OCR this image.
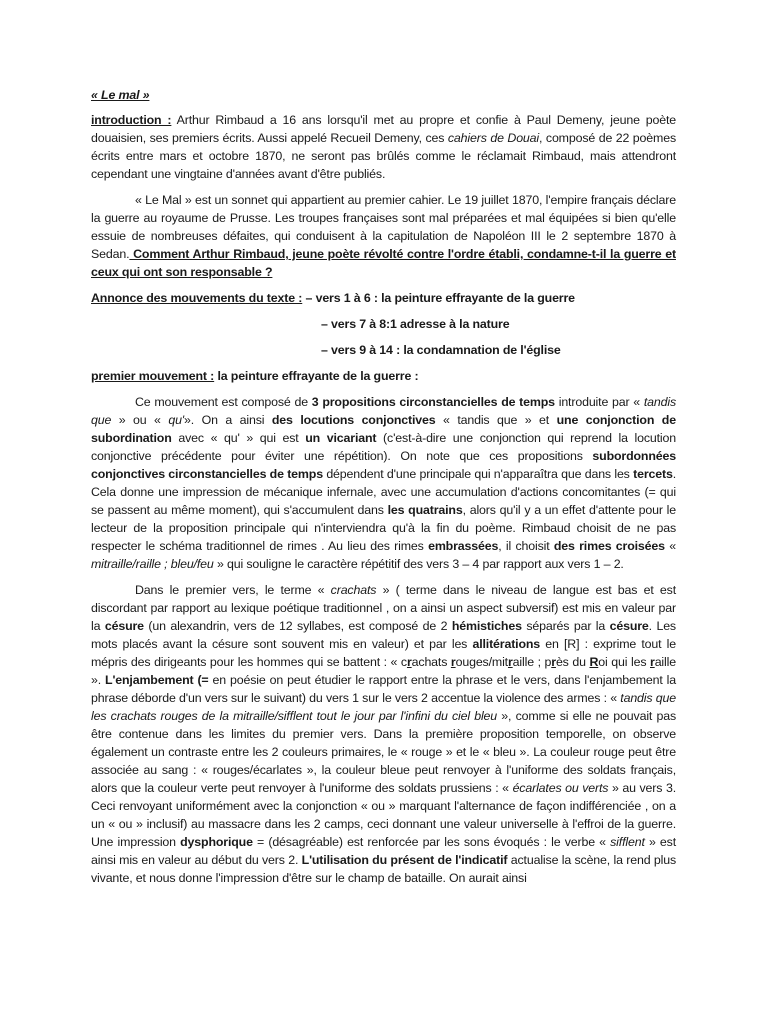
« Le mal »

introduction : Arthur Rimbaud a 16 ans lorsqu'il met au propre et confie à Paul Demeny, jeune poète douaisien, ses premiers écrits. Aussi appelé Recueil Demeny, ces cahiers de Douai, composé de 22 poèmes écrits entre mars et octobre 1870, ne seront pas brûlés comme le réclamait Rimbaud, mais attendront cependant une vingtaine d'années avant d'être publiés.

« Le Mal » est un sonnet qui appartient au premier cahier. Le 19 juillet 1870, l'empire français déclare la guerre au royaume de Prusse. Les troupes françaises sont mal préparées et mal équipées si bien qu'elle essuie de nombreuses défaites, qui conduisent à la capitulation de Napoléon III le 2 septembre 1870 à Sedan. Comment Arthur Rimbaud, jeune poète révolté contre l'ordre établi, condamne-t-il la guerre et ceux qui ont son responsable ?

Annonce des mouvements du texte : – vers 1 à 6 : la peinture effrayante de la guerre

– vers 7 à 8:1 adresse à la nature

– vers 9 à 14 : la condamnation de l'église

premier mouvement : la peinture effrayante de la guerre :

Ce mouvement est composé de 3 propositions circonstancielles de temps introduite par « tandis que » ou « qu'». On a ainsi des locutions conjonctives « tandis que » et une conjonction de subordination avec « qu' » qui est un vicariant (c'est-à-dire une conjonction qui reprend la locution conjonctive précédente pour éviter une répétition). On note que ces propositions subordonnées conjonctives circonstancielles de temps dépendent d'une principale qui n'apparaîtra que dans les tercets. Cela donne une impression de mécanique infernale, avec une accumulation d'actions concomitantes (= qui se passent au même moment), qui s'accumulent dans les quatrains, alors qu'il y a un effet d'attente pour le lecteur de la proposition principale qui n'interviendra qu'à la fin du poème. Rimbaud choisit de ne pas respecter le schéma traditionnel de rimes . Au lieu des rimes embrassées, il choisit des rimes croisées « mitraille/raille ; bleu/feu » qui souligne le caractère répétitif des vers 3 – 4 par rapport aux vers 1 – 2.

Dans le premier vers, le terme « crachats » ( terme dans le niveau de langue est bas et est discordant par rapport au lexique poétique traditionnel , on a ainsi un aspect subversif) est mis en valeur par la césure (un alexandrin, vers de 12 syllabes, est composé de 2 hémistiches séparés par la césure. Les mots placés avant la césure sont souvent mis en valeur) et par les allitérations en [R] : exprime tout le mépris des dirigeants pour les hommes qui se battent : « crachats rouges/mitraille ; près du Roi qui les raille ». L'enjambement (= en poésie on peut étudier le rapport entre la phrase et le vers, dans l'enjambement la phrase déborde d'un vers sur le suivant) du vers 1 sur le vers 2 accentue la violence des armes : « tandis que les crachats rouges de la mitraille/sifflent tout le jour par l'infini du ciel bleu », comme si elle ne pouvait pas être contenue dans les limites du premier vers. Dans la première proposition temporelle, on observe également un contraste entre les 2 couleurs primaires, le « rouge » et le « bleu ». La couleur rouge peut être associée au sang : « rouges/écarlates », la couleur bleue peut renvoyer à l'uniforme des soldats français, alors que la couleur verte peut renvoyer à l'uniforme des soldats prussiens : « écarlates ou verts » au vers 3. Ceci renvoyant uniformément avec la conjonction « ou » marquant l'alternance de façon indifférenciée , on a un « ou » inclusif) au massacre dans les 2 camps, ceci donnant une valeur universelle à l'effroi de la guerre. Une impression dysphorique = (désagréable) est renforcée par les sons évoqués : le verbe « sifflent » est ainsi mis en valeur au début du vers 2. L'utilisation du présent de l'indicatif actualise la scène, la rend plus vivante, et nous donne l'impression d'être sur le champ de bataille. On aurait ainsi
